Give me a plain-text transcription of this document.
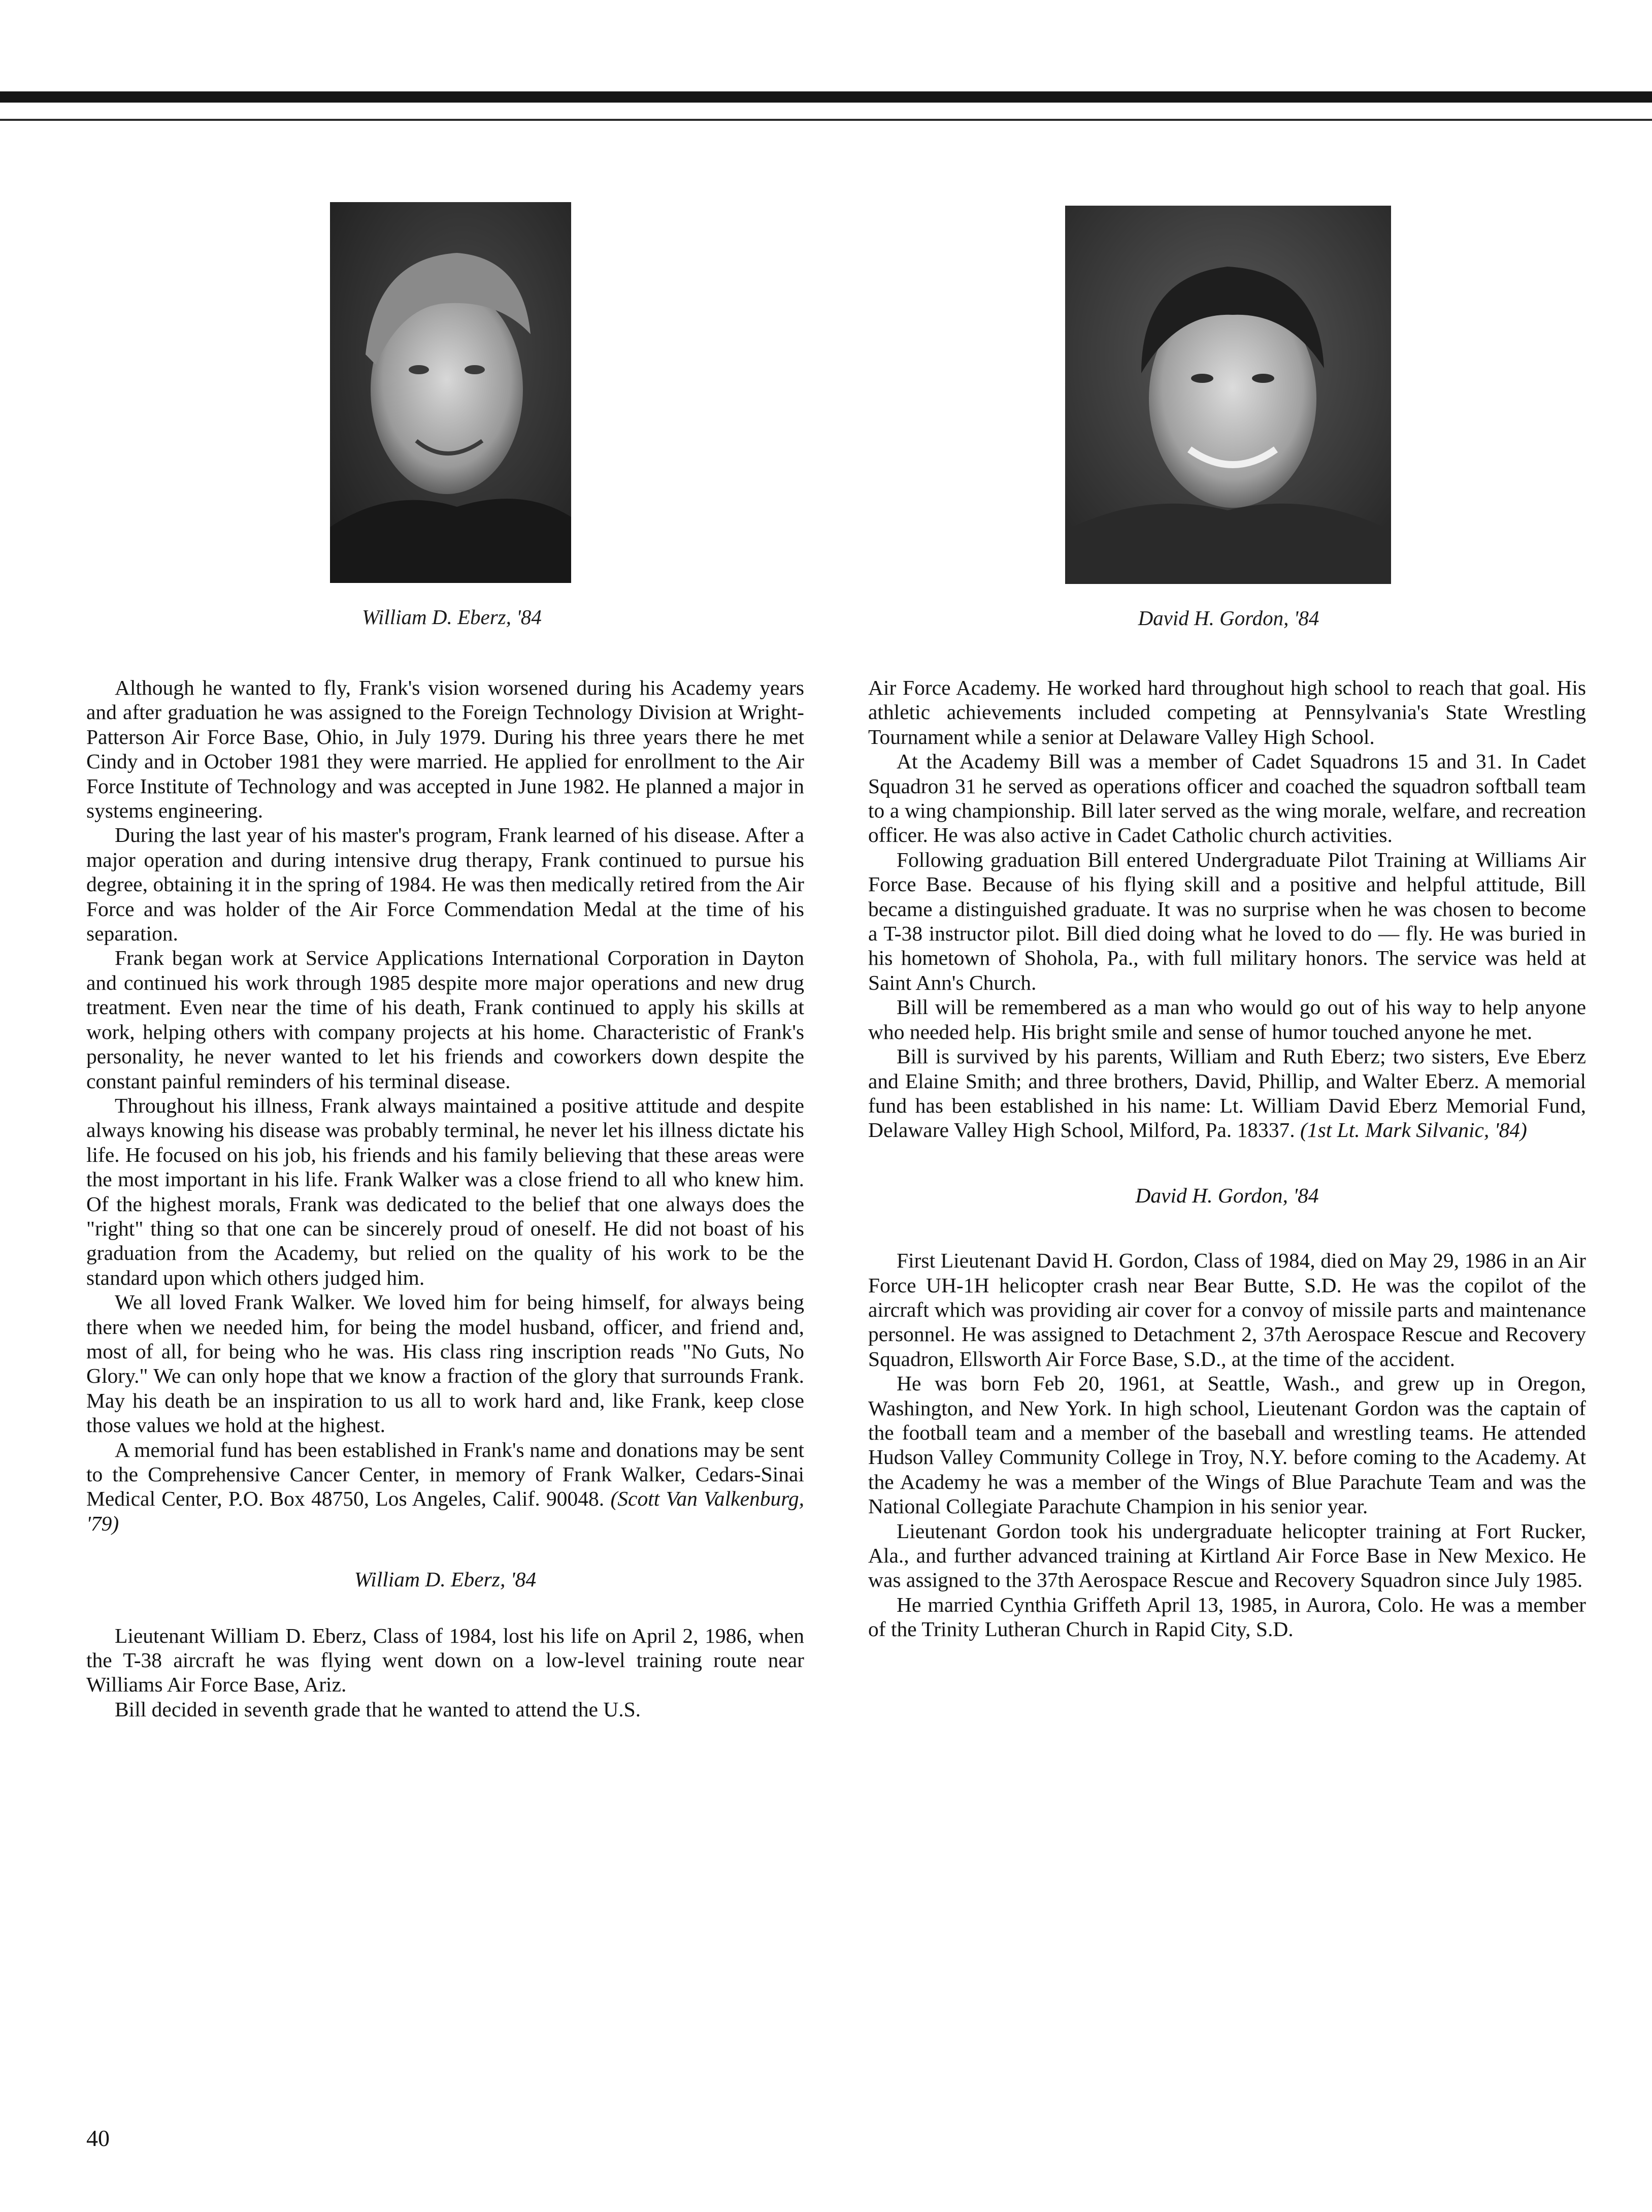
William D. Eberz, '84	David H. Gordon, '84

Although he wanted to fly, Frank's vision worsened during his Academy years and after graduation he was assigned to the Foreign Technology Division at Wright-Patterson Air Force Base, Ohio, in July 1979. During his three years there he met Cindy and in October 1981 they were married. He applied for enrollment to the Air Force Institute of Technology and was accepted in June 1982. He planned a major in systems engineering.

During the last year of his master's program, Frank learned of his disease. After a major operation and during intensive drug therapy, Frank continued to pursue his degree, obtaining it in the spring of 1984. He was then medically retired from the Air Force and was holder of the Air Force Commendation Medal at the time of his separation.

Frank began work at Service Applications International Corporation in Dayton and continued his work through 1985 despite more major operations and new drug treatment. Even near the time of his death, Frank continued to apply his skills at work, helping others with company projects at his home. Characteristic of Frank's personality, he never wanted to let his friends and coworkers down despite the constant painful reminders of his terminal disease.

Throughout his illness, Frank always maintained a positive attitude and despite always knowing his disease was probably terminal, he never let his illness dictate his life. He focused on his job, his friends and his family believing that these areas were the most important in his life. Frank Walker was a close friend to all who knew him. Of the highest morals, Frank was dedicated to the belief that one always does the "right" thing so that one can be sincerely proud of oneself. He did not boast of his graduation from the Academy, but relied on the quality of his work to be the standard upon which others judged him.

We all loved Frank Walker. We loved him for being himself, for always being there when we needed him, for being the model husband, officer, and friend and, most of all, for being who he was. His class ring inscription reads "No Guts, No Glory." We can only hope that we know a fraction of the glory that surrounds Frank. May his death be an inspiration to us all to work hard and, like Frank, keep close those values we hold at the highest.

A memorial fund has been established in Frank's name and donations may be sent to the Comprehensive Cancer Center, in memory of Frank Walker, Cedars-Sinai Medical Center, P.O. Box 48750, Los Angeles, Calif. 90048. (Scott Van Valkenburg, '79)

William D. Eberz, '84

Lieutenant William D. Eberz, Class of 1984, lost his life on April 2, 1986, when the T-38 aircraft he was flying went down on a low-level training route near Williams Air Force Base, Ariz.

Bill decided in seventh grade that he wanted to attend the U.S.

Air Force Academy. He worked hard throughout high school to reach that goal. His athletic achievements included competing at Pennsylvania's State Wrestling Tournament while a senior at Delaware Valley High School.

At the Academy Bill was a member of Cadet Squadrons 15 and 31. In Cadet Squadron 31 he served as operations officer and coached the squadron softball team to a wing championship. Bill later served as the wing morale, welfare, and recreation officer. He was also active in Cadet Catholic church activities.

Following graduation Bill entered Undergraduate Pilot Training at Williams Air Force Base. Because of his flying skill and a positive and helpful attitude, Bill became a distinguished graduate. It was no surprise when he was chosen to become a T-38 instructor pilot. Bill died doing what he loved to do — fly. He was buried in his hometown of Shohola, Pa., with full military honors. The service was held at Saint Ann's Church.

Bill will be remembered as a man who would go out of his way to help anyone who needed help. His bright smile and sense of humor touched anyone he met.

Bill is survived by his parents, William and Ruth Eberz; two sisters, Eve Eberz and Elaine Smith; and three brothers, David, Phillip, and Walter Eberz. A memorial fund has been established in his name: Lt. William David Eberz Memorial Fund, Delaware Valley High School, Milford, Pa. 18337. (1st Lt. Mark Silvanic, '84)

David H. Gordon, '84

First Lieutenant David H. Gordon, Class of 1984, died on May 29, 1986 in an Air Force UH-1H helicopter crash near Bear Butte, S.D. He was the copilot of the aircraft which was providing air cover for a convoy of missile parts and maintenance personnel. He was assigned to Detachment 2, 37th Aerospace Rescue and Recovery Squadron, Ellsworth Air Force Base, S.D., at the time of the accident.

He was born Feb 20, 1961, at Seattle, Wash., and grew up in Oregon, Washington, and New York. In high school, Lieutenant Gordon was the captain of the football team and a member of the baseball and wrestling teams. He attended Hudson Valley Community College in Troy, N.Y. before coming to the Academy. At the Academy he was a member of the Wings of Blue Parachute Team and was the National Collegiate Parachute Champion in his senior year.

Lieutenant Gordon took his undergraduate helicopter training at Fort Rucker, Ala., and further advanced training at Kirtland Air Force Base in New Mexico. He was assigned to the 37th Aerospace Rescue and Recovery Squadron since July 1985.

He married Cynthia Griffeth April 13, 1985, in Aurora, Colo. He was a member of the Trinity Lutheran Church in Rapid City, S.D.

40
